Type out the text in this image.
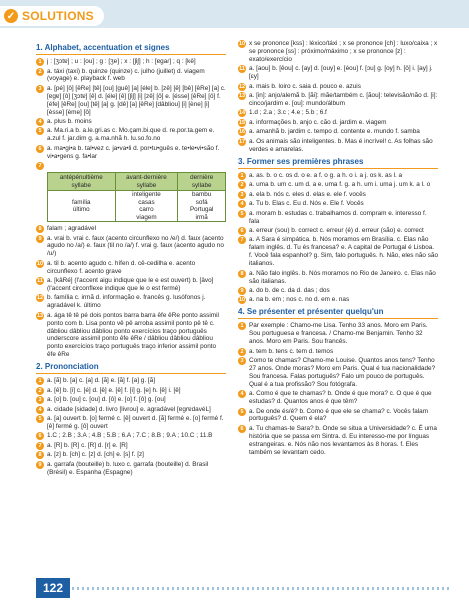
✓ SOLUTIONS
1. Alphabet, accentuation et signes
1 j : [ʒɔtɐ] ; u : [ou] ; g : [ʒe] ; x : [ʃiʃ] ; h : [ɐgaɾ] ; q : [kê]
2 a. táxi (taxi) b. quinze (quinze) c. julho (juillet) d. viagem (voyage) e. playback f. web
3 a. [pé] [ô] [êRe] [tê] [ou] [guê] [a] [éle] b. [zê] [ê] [bê] [êRe] [a] c. [ɐgɐ] [ô] [ʒɔtɐ] [ê] d. [éle] [ê] [ʃiʃ] [i] [zê] [ô] e. [ésse] [êRe] [ô] f. [éfe] [êRe] [ou] [tê] [a] g. [dê] [a] [êRe] [dâbliou] [i] [ène] [i] [èsse] [ème] [ô]
4 a. plus b. moins
5 a. Ma.ri.a b. a.le.gri.as c. Mo.çam.bi.que d. re.por.ta.gem e. a.zul f. jar.dim g. a.ma.nhã h. lu.so.fo.no
6 a. ma•gi•a b. tal•vez c. ja•va•li d. por•tu•guês e. te•le•vi•são f. vi•a•gens g. fa•lar
7
antépénultième syllabe	avant-dernière syllabe	dernière syllabe
	inteligente	bambu
família	casas	sofá
último	carro	Portugal
	viagem	irmã
8 falam ; agradável
9 a. vrai b. vrai c. faux (acento circunflexo no /e/) d. faux (acento agudo no /a/) e. faux (til no /a/) f. vrai g. faux (acento agudo no /u/)
10 a. til b. acento agudo c. hífen d. cê-cedilha e. acento circunflexo f. acento grave
11 a. [kâRé] (l'accent aigu indique que le e est ouvert) b. [âvo] (l'accent circonflexe indique que le o est fermé)
12 b. família c. irmã d. informação e. francês g. lusófonos j. agradável k. último
13 a. ága tê tê pé dois pontos barra barra êfe êRe ponto assimil ponto com b. Lisa ponto vê pê arroba assimil ponto pê tê c. dâbliou dâbliou dâbliou ponto exercícios traço português underscore assimil ponto êfe êRe / dâbliou dâbliou dâbliou ponto exercícios traço português traço inferior assimil ponto êfe êRe
2. Prononciation
1 a. [ã] b. [a] c. [a] d. [ã] e. [ã] f. [a] g. [ã]
2 a. [ê] b. [i] c. [é] d. [ê] e. [ê] f. [i] g. [e] h. [ê] i. [ê]
3 a. [o] b. [ou] c. [ou] d. [ô] e. [o] f. [ô] g. [ou]
4 a. cidade [sidade] d. livro [livrou] e. agradável [ɐgrɐdavéL]
5 a. [a] ouvert b. [o] fermé c. [ê] ouvert d. [ã] fermé e. [o] fermé f. [ê] fermé g. [ô] ouvert
6 1.C ; 2.B ; 3.A ; 4.B ; 5.B ; 6.A ; 7.C ; 8.B ; 9.A ; 10.C ; 11.B
7 a. [R] b. [R] c. [R] d. [r] e. [R]
8 a. [z] b. [ch] c. [z] d. [ch] e. [s] f. [z]
9 a. garrafa (bouteille) b. luxo c. garrafa (bouteille) d. Brasil (Brésil) e. Espanha (Espagne)
10 x se prononce [kss] : léxico/táxi ; x se prononce [ch] : luxo/caixa ; x se prononce [ss] : próximo/máximo ; x se prononce [z] : exato/exercício
11 a. [aou] b. [êou] c. [ay] d. [ouy] e. [éou] f. [ɔu] g. [oy] h. [ô] i. [ay] j. [ɛy]
12 a. mais b. loiro c. saia d. pouco e. azuis
13 a. [in]: anjo/alemã b. [ãi]: mãe/também c. [ãou]: televisão/não d. [i]: cinco/jardim e. [ou]: mundo/álbum
14 1.d ; 2.a ; 3.c ; 4.e ; 5.b ; 6.f
15 a. informações b. anjo c. cão d. jardim e. viagem
16 a. amanhã b. jardim c. tempo d. contente e. mundo f. samba
17 a. Os animais são inteligentes. b. Mas é incrível! c. As folhas são verdes e amarelas.
3. Former ses premières phrases
1 a. as. b. o c. os d. o e. a f. o g. a h. o i. a j. os k. as l. a
2 a. uma b. um c. um d. a e. uma f. g. a h. um i. uma j. um k. a l. o
3 a. ela b. nós c. eles d. elas e. ele f. vocês
4 a. Tu b. Elas c. Eu d. Nós e. Ele f. Vocês
5 a. moram b. estudas c. trabalhamos d. compram e. interesso f. fala
6 a. erreur (sou) b. correct c. erreur (é) d. erreur (são) e. correct
7 a. A Sara é simpática. b. Nós moramos em Brasília. c. Elas não falam inglês. d. Tu és francesa? e. A capital de Portugal é Lisboa. f. Você fala espanhol? g. Sim, falo português. h. Não, eles não são italianos.
8 a. Não falo inglês. b. Nós moramos no Rio de Janeiro. c. Elas não são italianas.
9 a. do b. de c. da d. das ; dos
10 a. na b. em ; nos c. no d. em e. nas
4. Se présenter et présenter quelqu'un
1 Par exemple : Chamo-me Lisa. Tenho 33 anos. Moro em Paris. Sou portuguesa e francesa. / Chamo-me Benjamin. Tenho 32 anos. Moro em Paris. Sou francês.
2 a. tem b. tens c. tem d. temos
3 Como te chamas? Chamo-me Louise. Quantos anos tens? Tenho 27 anos. Onde moras? Moro em Paris. Qual é tua nacionalidade? Sou francesa. Falas português? Falo um pouco de português. Qual é a tua profissão? Sou fotógrafa.
4 a. Como é que te chamas? b. Onde é que mora? c. O que é que estudas? d. Quantos anos é que têm?
5 a. De onde és/é? b. Como é que ele se chama? c. Vocês falam português? d. Quem é ela?
6 a. Tu chamas-te Sara? b. Onde se situa a Universidade? c. É uma história que se passa em Sintra. d. Eu interesso-me por línguas estrangeiras. e. Nós não nos levantamos às 8 horas. f. Eles também se levantam cedo.
122
